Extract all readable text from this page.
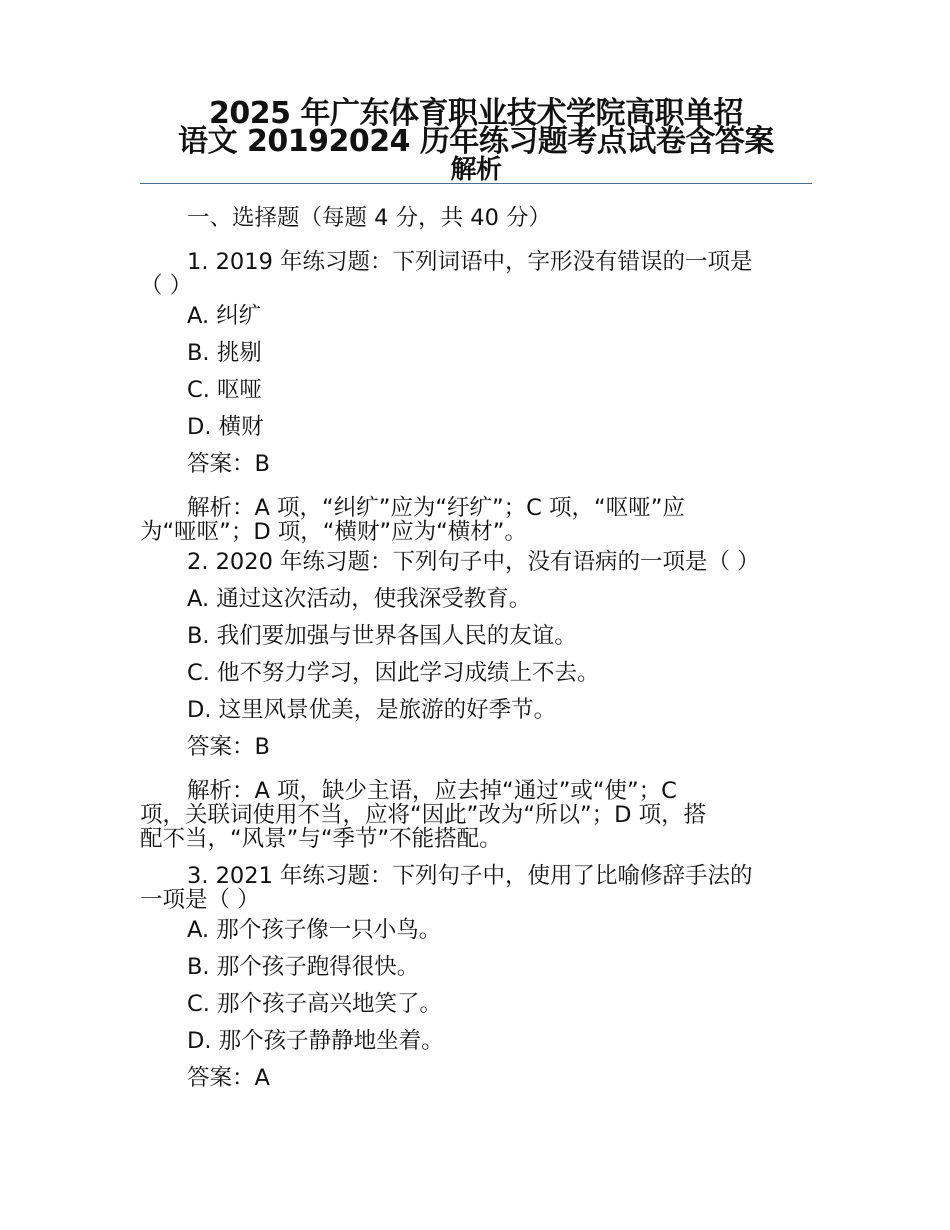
2025 年广东体育职业技术学院高职单招
语文 20192024 历年练习题考点试卷含答案
解析

一、选择题（每题 4 分，共 40 分）

1. 2019 年练习题：下列词语中，字形没有错误的一项是
（ ）

A. 纠纩

B. 挑剔

C. 呕哑

D. 横财

答案：B

解析：A 项，“纠纩”应为“纡纩”；C 项，“呕哑”应
为“哑呕”；D 项，“横财”应为“横材”。

2. 2020 年练习题：下列句子中，没有语病的一项是（ ）

A. 通过这次活动，使我深受教育。

B. 我们要加强与世界各国人民的友谊。

C. 他不努力学习，因此学习成绩上不去。

D. 这里风景优美，是旅游的好季节。

答案：B

解析：A 项，缺少主语，应去掉“通过”或“使”；C
项，关联词使用不当，应将“因此”改为“所以”；D 项，搭
配不当，“风景”与“季节”不能搭配。

3. 2021 年练习题：下列句子中，使用了比喻修辞手法的
一项是（ ）

A. 那个孩子像一只小鸟。

B. 那个孩子跑得很快。

C. 那个孩子高兴地笑了。

D. 那个孩子静静地坐着。

答案：A
